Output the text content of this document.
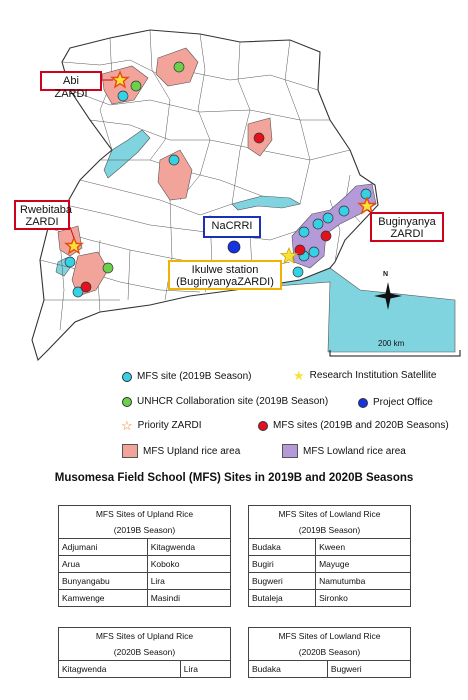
Abi ZARDI
Rwebitaba ZARDI	NaCRRI
Ikulwe station
(BuginyanyaZARDI)
Buginyanya ZARDI
N
200 km
MFS site (2019B Season)	★ Research Institution Satellite
UNHCR Collaboration site (2019B Season)	Project Office
☆ Priority ZARDI	MFS sites (2019B and 2020B Seasons)
MFS Upland rice area	MFS Lowland rice area
Musomesa Field School (MFS) Sites in 2019B and 2020B Seasons
MFS Sites of Upland Rice	
(2019B Season)	
Adjumani	Kitagwenda
Arua	Koboko
Bunyangabu	Lira
Kamwenge	Masindi
MFS Sites of Lowland Rice	
(2019B Season)	
Budaka	Kween
Bugiri	Mayuge
Bugweri	Namutumba
Butaleja	Sironko
MFS Sites of Upland Rice
(2020B Season)
Kitagwenda	Lira
MFS Sites of Lowland Rice
(2020B Season)
Budaka	Bugweri
